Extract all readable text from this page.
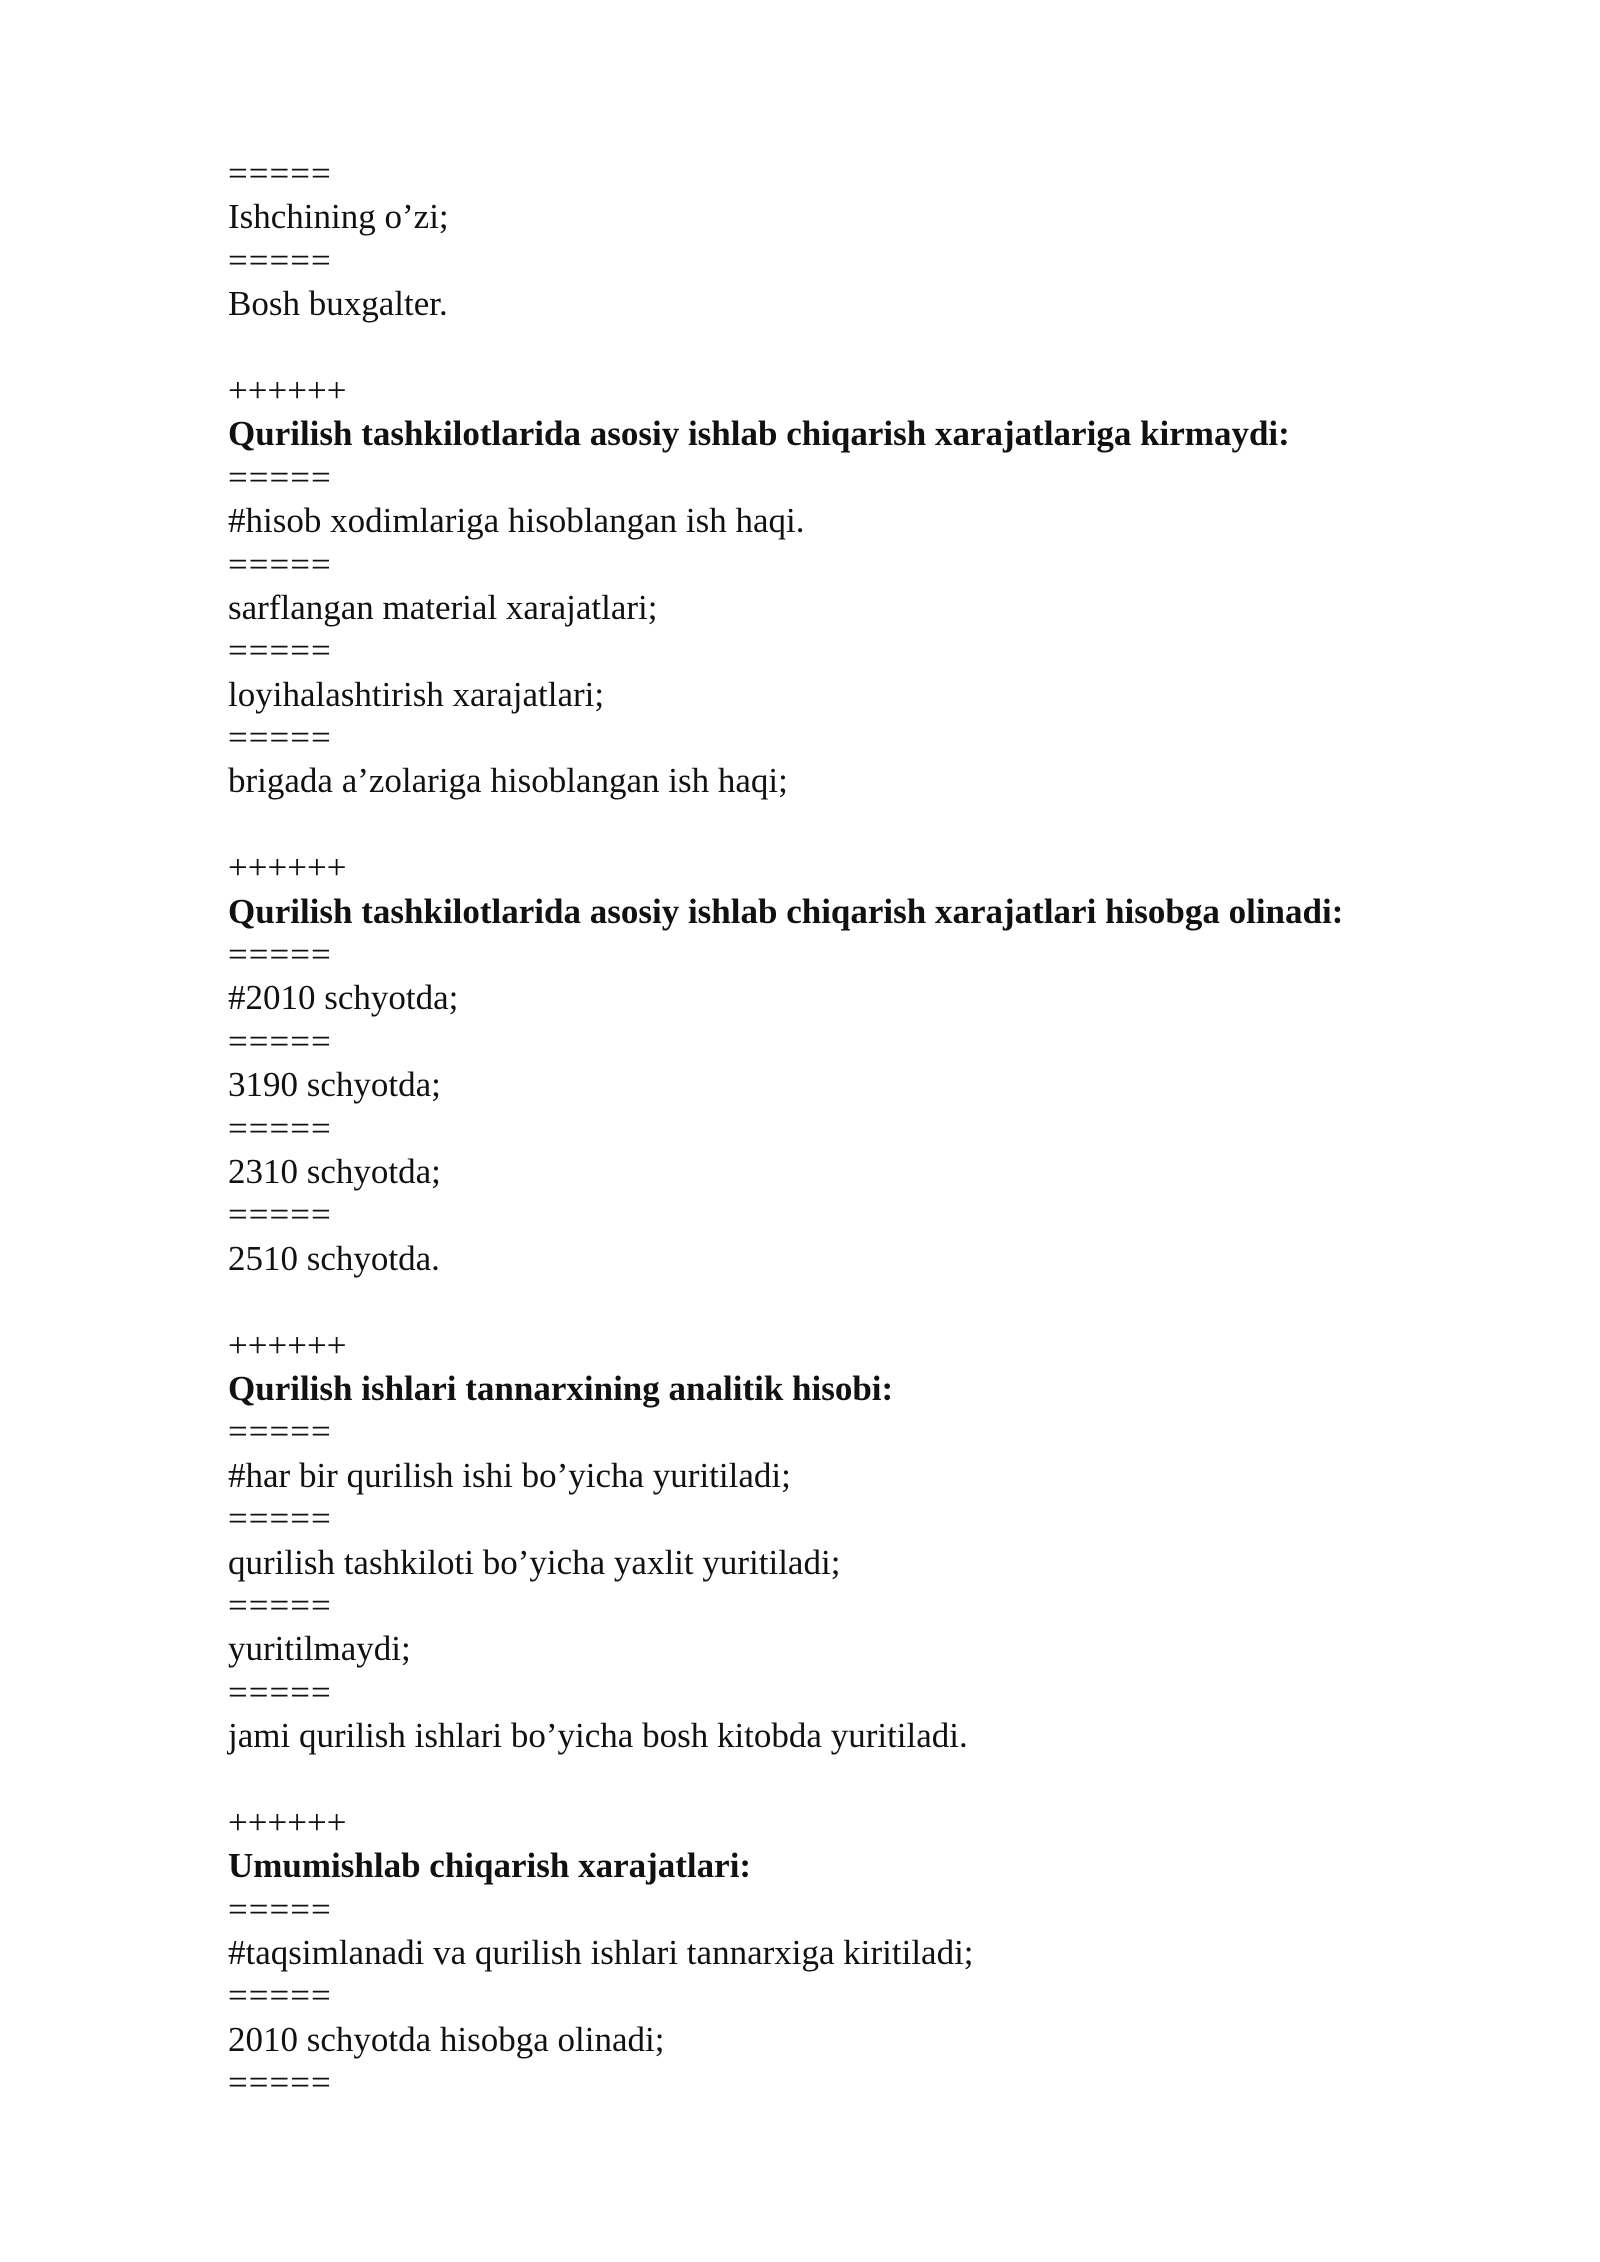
=====
Ishchining o’zi;
=====
Bosh buxgalter.
++++++
Qurilish tashkilotlarida asosiy ishlab chiqarish xarajatlariga kirmaydi:
=====
#hisob xodimlariga hisoblangan ish haqi.
=====
sarflangan material xarajatlari;
=====
loyihalashtirish xarajatlari;
=====
brigada a’zolariga hisoblangan ish haqi;
++++++
Qurilish tashkilotlarida asosiy ishlab chiqarish xarajatlari hisobga olinadi:
=====
#2010 schyotda;
=====
3190 schyotda;
=====
2310 schyotda;
=====
2510 schyotda.
++++++
Qurilish ishlari tannarxining analitik hisobi:
=====
#har bir qurilish ishi bo’yicha yuritiladi;
=====
qurilish tashkiloti bo’yicha yaxlit yuritiladi;
=====
yuritilmaydi;
=====
jami qurilish ishlari bo’yicha bosh kitobda yuritiladi.
++++++
Umumishlab chiqarish xarajatlari:
=====
#taqsimlanadi va qurilish ishlari tannarxiga kiritiladi;
=====
2010 schyotda hisobga olinadi;
=====
